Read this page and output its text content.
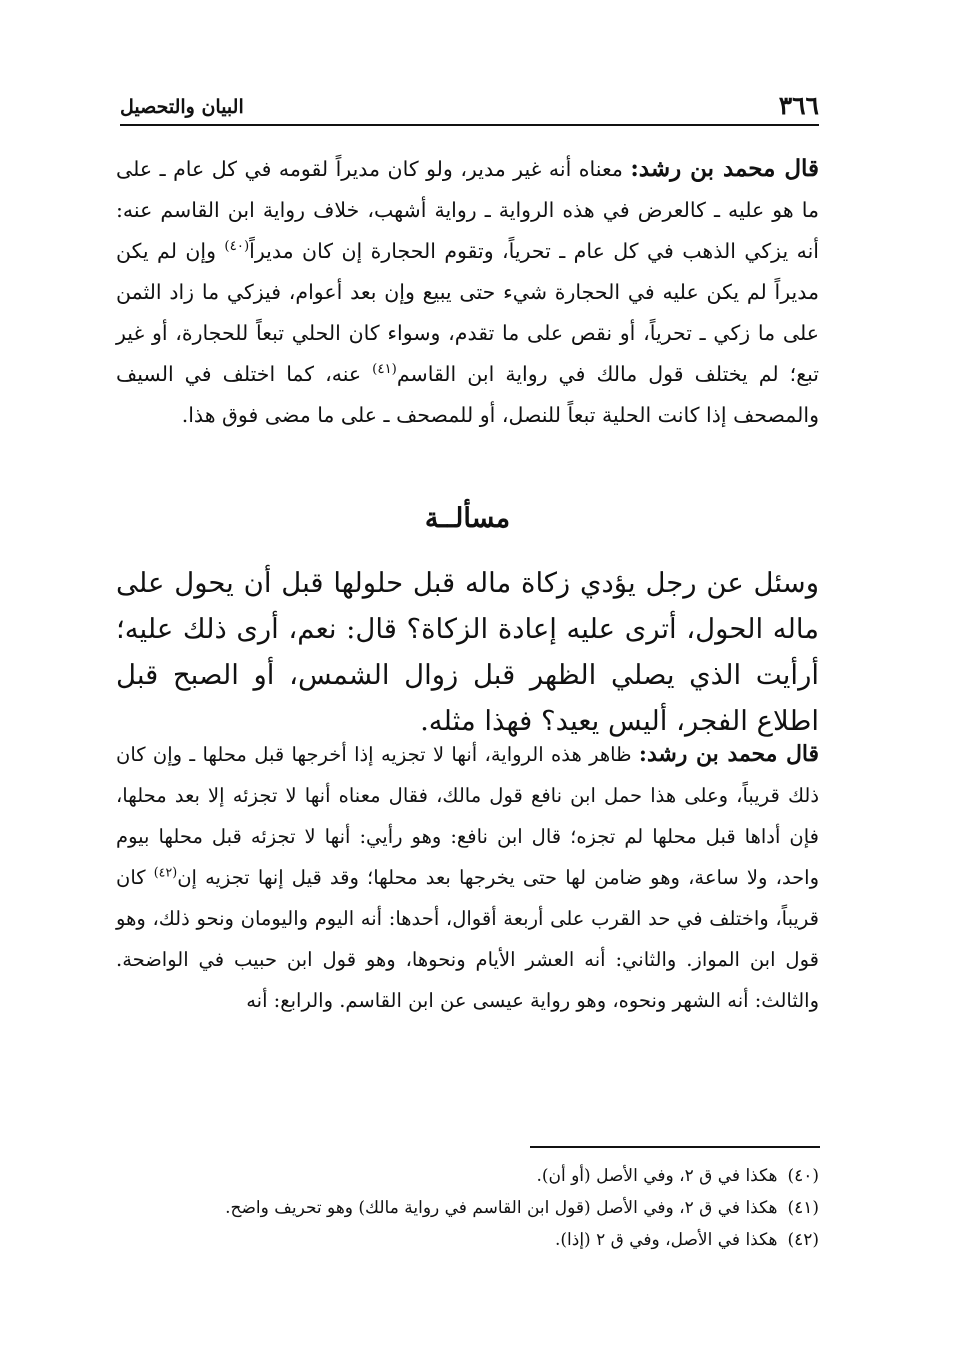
البيان والتحصيل	٣٦٦
قال محمد بن رشد: معناه أنه غير مدير، ولو كان مديراً لقومه في كل عام ـ على ما هو عليه ـ كالعرض في هذه الرواية ـ رواية أشهب، خلاف رواية ابن القاسم عنه: أنه يزكي الذهب في كل عام ـ تحرياً، وتقوم الحجارة إن كان مديراً$^{(٤٠)}$ وإن لم يكن مديراً لم يكن عليه في الحجارة شيء حتى يبيع وإن بعد أعوام، فيزكي ما زاد الثمن على ما زكي ـ تحرياً، أو نقص على ما تقدم، وسواء كان الحلي تبعاً للحجارة، أو غير تبع؛ لم يختلف قول مالك في رواية ابن القاسم$^{(٤١)}$ عنه، كما اختلف في السيف والمصحف إذا كانت الحلية تبعاً للنصل، أو للمصحف ـ على ما مضى فوق هذا.
مسألــة
وسئل عن رجل يؤدي زكاة ماله قبل حلولها قبل أن يحول على ماله الحول، أترى عليه إعادة الزكاة؟ قال: نعم، أرى ذلك عليه؛ أرأيت الذي يصلي الظهر قبل زوال الشمس، أو الصبح قبل اطلاع الفجر، أليس يعيد؟ فهذا مثله.
قال محمد بن رشد: ظاهر هذه الرواية، أنها لا تجزيه إذا أخرجها قبل محلها ـ وإن كان ذلك قريباً، وعلى هذا حمل ابن نافع قول مالك، فقال معناه أنها لا تجزئه إلا بعد محلها، فإن أداها قبل محلها لم تجزه؛ قال ابن نافع: وهو رأيي: أنها لا تجزئه قبل محلها بيوم واحد، ولا ساعة، وهو ضامن لها حتى يخرجها بعد محلها؛ وقد قيل إنها تجزيه إن$^{(٤٢)}$ كان قريباً، واختلف في حد القرب على أربعة أقوال، أحدها: أنه اليوم واليومان ونحو ذلك، وهو قول ابن المواز. والثاني: أنه العشر الأيام ونحوها، وهو قول ابن حبيب في الواضحة. والثالث: أنه الشهر ونحوه، وهو رواية عيسى عن ابن القاسم. والرابع: أنه
(٤٠)هكذا في ق ٢، وفي الأصل (أو أن).
(٤١)هكذا في ق ٢، وفي الأصل (قول ابن القاسم في رواية مالك) وهو تحريف واضح.
(٤٢)هكذا في الأصل، وفي ق ٢ (إذا).
